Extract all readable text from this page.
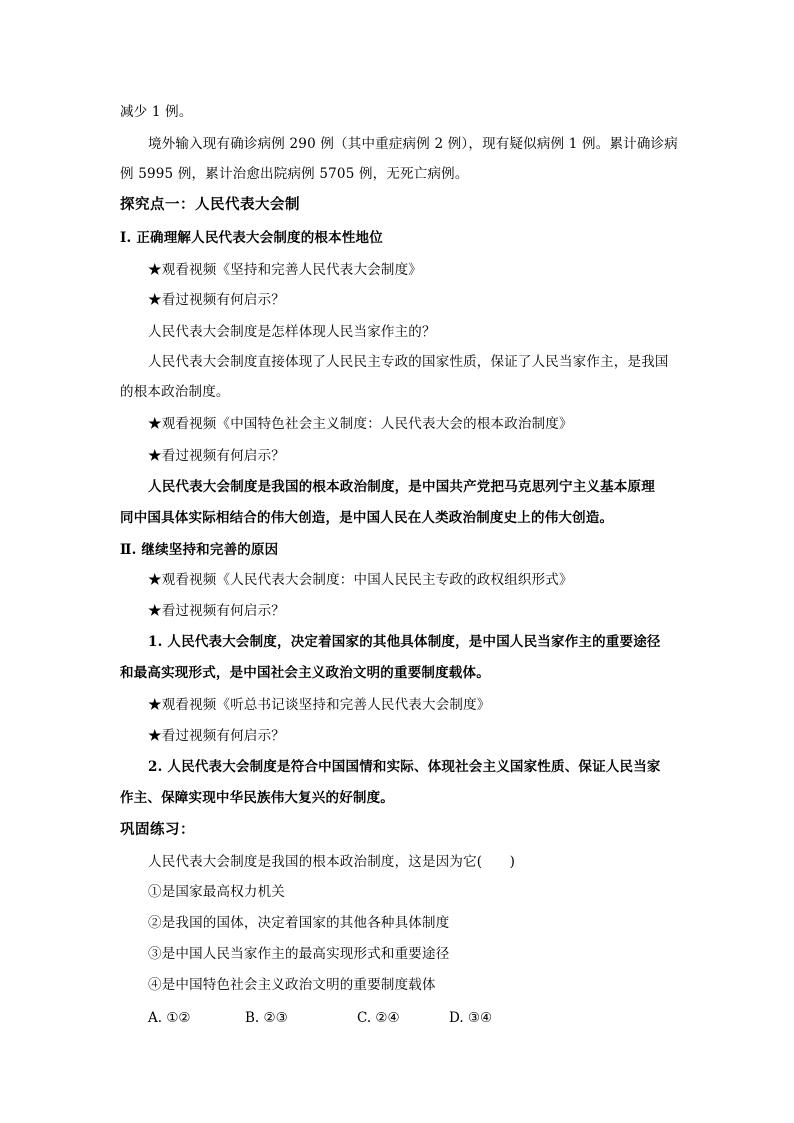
减少 1 例。
境外输入现有确诊病例 290 例（其中重症病例 2 例），现有疑似病例 1 例。累计确诊病
例 5995 例，累计治愈出院病例 5705 例，无死亡病例。
探究点一：人民代表大会制
Ⅰ. 正确理解人民代表大会制度的根本性地位
★观看视频《坚持和完善人民代表大会制度》
★看过视频有何启示？
人民代表大会制度是怎样体现人民当家作主的？
人民代表大会制度直接体现了人民民主专政的国家性质，保证了人民当家作主，是我国
的根本政治制度。
★观看视频《中国特色社会主义制度：人民代表大会的根本政治制度》
★看过视频有何启示？
人民代表大会制度是我国的根本政治制度，是中国共产党把马克思列宁主义基本原理
同中国具体实际相结合的伟大创造，是中国人民在人类政治制度史上的伟大创造。
Ⅱ. 继续坚持和完善的原因
★观看视频《人民代表大会制度：中国人民民主专政的政权组织形式》
★看过视频有何启示？
1. 人民代表大会制度，决定着国家的其他具体制度，是中国人民当家作主的重要途径
和最高实现形式，是中国社会主义政治文明的重要制度载体。
★观看视频《听总书记谈坚持和完善人民代表大会制度》
★看过视频有何启示？
2. 人民代表大会制度是符合中国国情和实际、体现社会主义国家性质、保证人民当家
作主、保障实现中华民族伟大复兴的好制度。
巩固练习：
人民代表大会制度是我国的根本政治制度，这是因为它(　　)
①是国家最高权力机关
②是我国的国体，决定着国家的其他各种具体制度
③是中国人民当家作主的最高实现形式和重要途径
④是中国特色社会主义政治文明的重要制度载体
A. ①②	B. ②③	C. ②④	D. ③④
